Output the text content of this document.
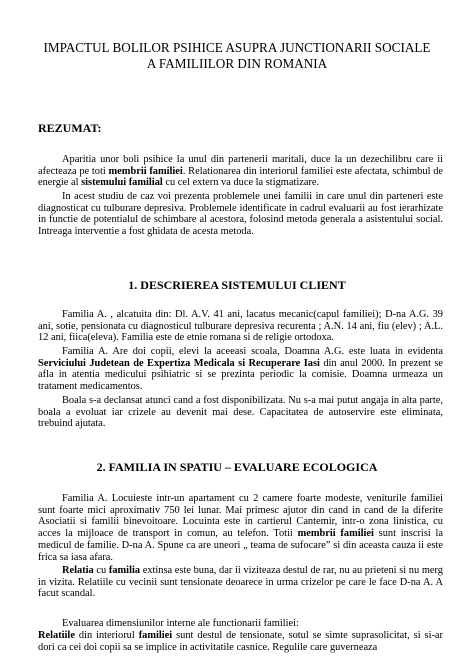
IMPACTUL BOLILOR PSIHICE ASUPRA JUNCTIONARII SOCIALE
A FAMILIILOR DIN ROMANIA
REZUMAT:
Aparitia unor boli psihice la unul din partenerii maritali, duce la un dezechilibru care ii afecteaza pe toti membrii familiei. Relationarea din interiorul familiei este afectata, schimbul de energie al sistemului familial cu cel extern va duce la stigmatizare.
In acest studiu de caz voi prezenta problemele unei familii in care unul din parteneri este diagnosticat cu tulburare depresiva. Problemele identificate in cadrul evaluarii au fost ierarhizate in functie de potentialul de schimbare al acestora, folosind metoda generala a asistentului social. Intreaga interventie a fost ghidata de acesta metoda.
1. DESCRIEREA SISTEMULUI CLIENT
Familia A. , alcatuita din: Dl. A.V. 41 ani, lacatus mecanic(capul familiei); D-na A.G. 39 ani, sotie, pensionata cu diagnosticul tulburare depresiva recurenta ; A.N. 14 ani, fiu (elev) ; A.L. 12 ani, fiica(eleva). Familia este de etnie romana si de religie ortodoxa.
Familia A. Are doi copii, elevi la aceeasi scoala, Doamna A.G. este luata in evidenta Serviciului Judetean de Expertiza Medicala si Recuperare Iasi din anul 2000. In prezent se afla in atentia medicului psihiatric si se prezinta periodic la comisie. Doamna urmeaza un tratament medicamentos.
Boala s-a declansat atunci cand a fost disponibilizata. Nu s-a mai putut angaja in alta parte, boala a evoluat iar crizele au devenit mai dese. Capacitatea de autoservire este eliminata, trebuind ajutata.
2. FAMILIA IN SPATIU – EVALUARE ECOLOGICA
Familia A. Locuieste intr-un apartament cu 2 camere foarte modeste, veniturile familiei sunt foarte mici aproximativ 750 lei lunar. Mai primesc ajutor din cand in cand de la diferite Asociatii si familii binevoitoare. Locuinta este in cartierul Cantemir, intr-o zona linistica, cu acces la mijloace de transport in comun, au telefon. Totii membrii familiei sunt inscrisi la medicul de familie. D-na A. Spune ca are uneori „ teama de sufocare” si din aceasta cauza ii este frica sa iasa afara.
Relatia cu familia extinsa este buna, dar ii viziteaza destul de rar, nu au prieteni si nu merg in vizita. Relatiile cu vecinii sunt tensionate deoarece in urma crizelor pe care le face D-na A. A facut scandal.
Evaluarea dimensiunilor interne ale functionarii familiei:
Relatiile din interiorul familiei sunt destul de tensionate, sotul se simte suprasolicitat, si si-ar dori ca cei doi copii sa se implice in activitatile casnice. Regulile care guverneaza
